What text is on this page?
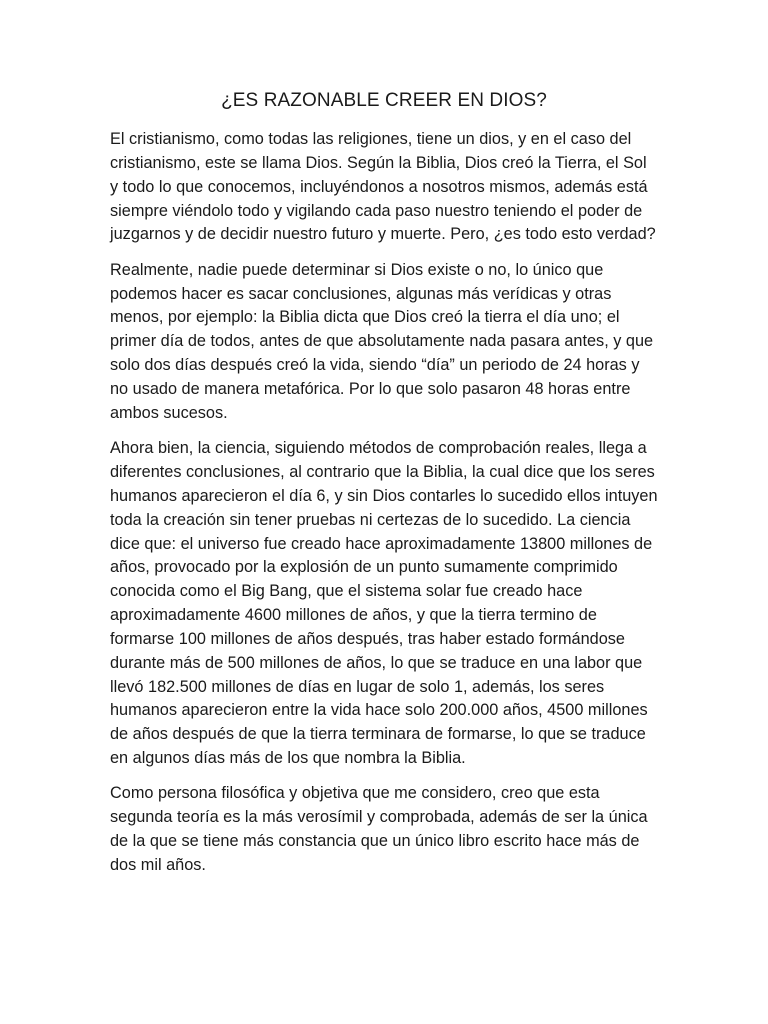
¿ES RAZONABLE CREER EN DIOS?

El cristianismo, como todas las religiones, tiene un dios, y en el caso del cristianismo, este se llama Dios. Según la Biblia, Dios creó la Tierra, el Sol y todo lo que conocemos, incluyéndonos a nosotros mismos, además está siempre viéndolo todo y vigilando cada paso nuestro teniendo el poder de juzgarnos y de decidir nuestro futuro y muerte. Pero, ¿es todo esto verdad?

Realmente, nadie puede determinar si Dios existe o no, lo único que podemos hacer es sacar conclusiones, algunas más verídicas y otras menos, por ejemplo: la Biblia dicta que Dios creó la tierra el día uno; el primer día de todos, antes de que absolutamente nada pasara antes, y que solo dos días después creó la vida, siendo “día” un periodo de 24 horas y no usado de manera metafórica. Por lo que solo pasaron 48 horas entre ambos sucesos.

Ahora bien, la ciencia, siguiendo métodos de comprobación reales, llega a diferentes conclusiones, al contrario que la Biblia, la cual dice que los seres humanos aparecieron el día 6, y sin Dios contarles lo sucedido ellos intuyen toda la creación sin tener pruebas ni certezas de lo sucedido. La ciencia dice que: el universo fue creado hace aproximadamente 13800 millones de años, provocado por la explosión de un punto sumamente comprimido conocida como el Big Bang, que el sistema solar fue creado hace aproximadamente 4600 millones de años, y que la tierra termino de formarse 100 millones de años después, tras haber estado formándose durante más de 500 millones de años, lo que se traduce en una labor que llevó 182.500 millones de días en lugar de solo 1, además, los seres humanos aparecieron entre la vida hace solo 200.000 años, 4500 millones de años después de que la tierra terminara de formarse, lo que se traduce en algunos días más de los que nombra la Biblia.

Como persona filosófica y objetiva que me considero, creo que esta segunda teoría es la más verosímil y comprobada, además de ser la única de la que se tiene más constancia que un único libro escrito hace más de dos mil años.
